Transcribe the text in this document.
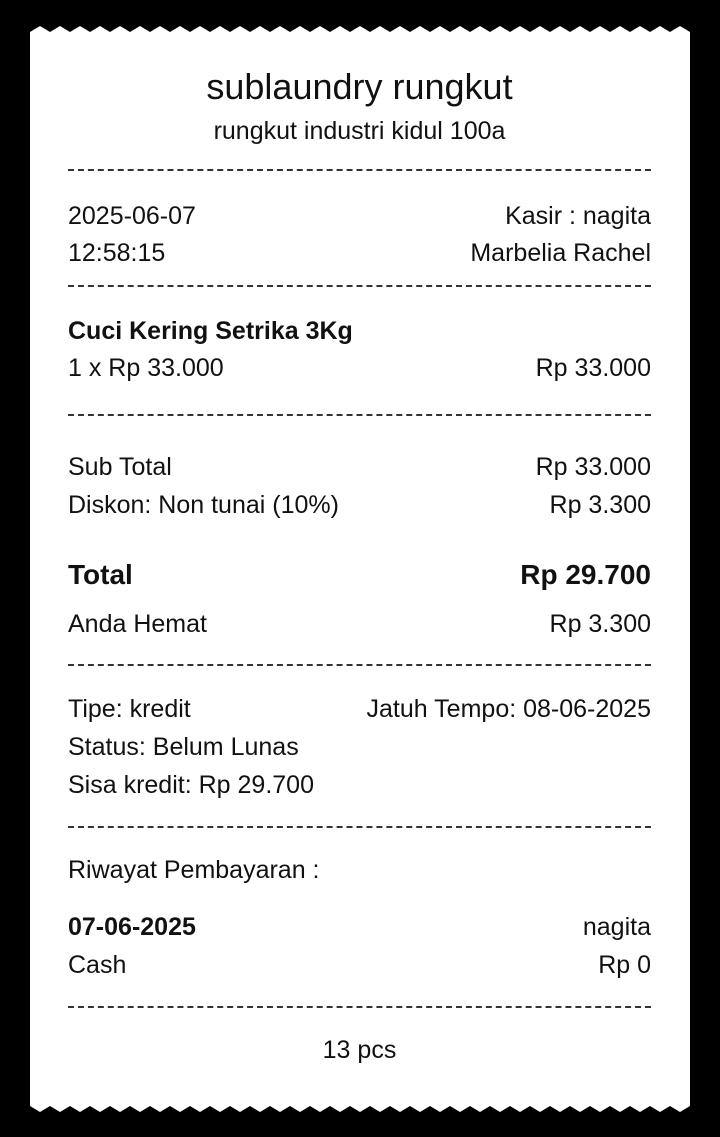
sublaundry rungkut
rungkut industri kidul 100a
2025-06-07	Kasir : nagita
12:58:15	Marbelia Rachel
Cuci Kering Setrika 3Kg
1 x Rp 33.000	Rp 33.000
Sub Total	Rp 33.000
Diskon: Non tunai (10%)	Rp 3.300
Total	Rp 29.700
Anda Hemat	Rp 3.300
Tipe: kredit	Jatuh Tempo: 08-06-2025
Status: Belum Lunas
Sisa kredit: Rp 29.700
Riwayat Pembayaran :
07-06-2025	nagita
Cash	Rp 0
13 pcs
